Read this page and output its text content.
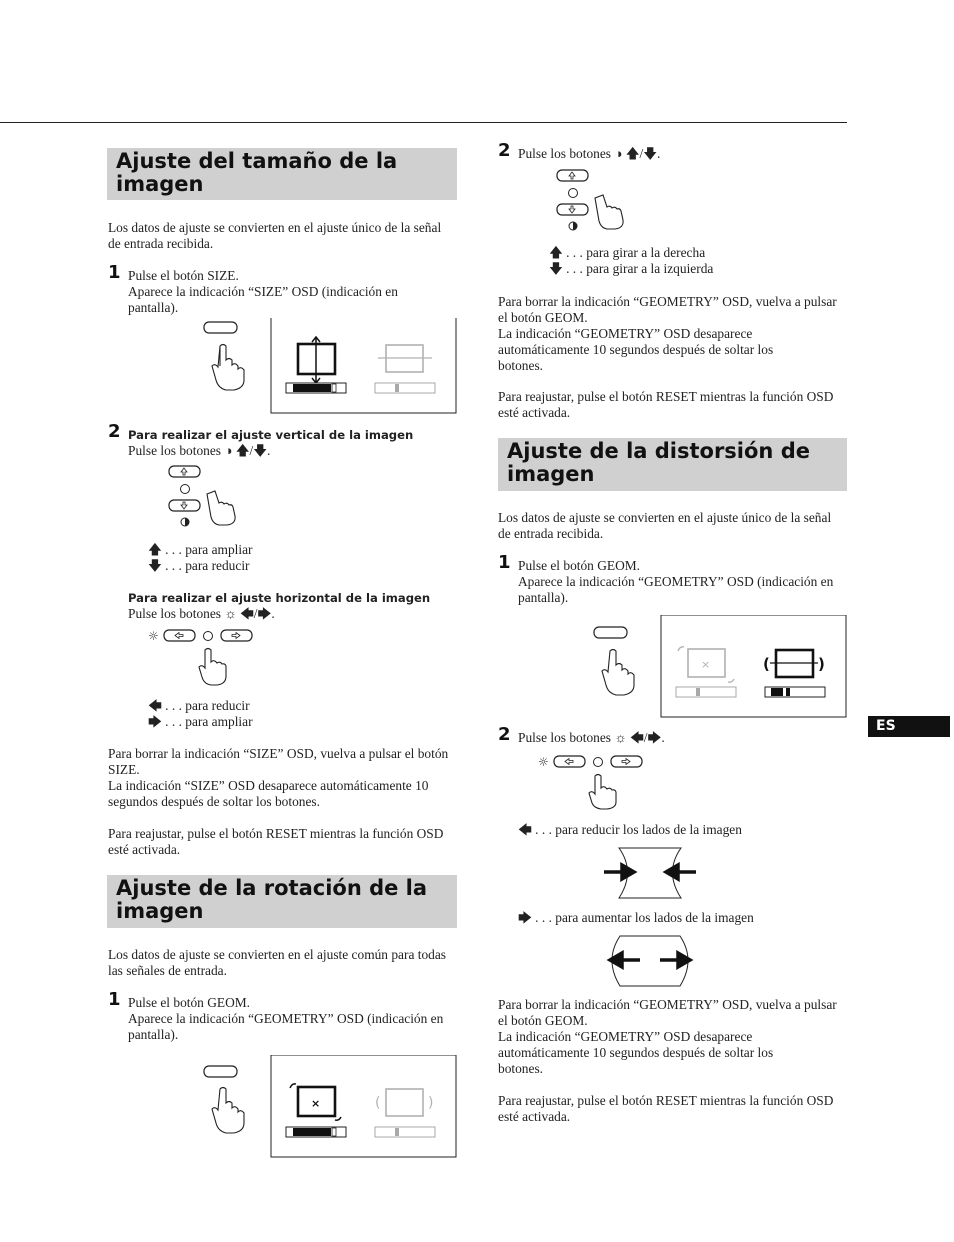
ES
Ajuste del tamaño de la imagen
Los datos de ajuste se convierten en el ajuste único de la señal de entrada recibida.
1 Pulse el botón SIZE.
Aparece la indicación “SIZE” OSD (indicación en pantalla).
2 Para realizar el ajuste vertical de la imagen
Pulse los botones ◑ 🡅/🡇.
🡅 . . . para ampliar
🡇 . . . para reducir
Para realizar el ajuste horizontal de la imagen
Pulse los botones ☼ 🡄/🡆.
☼
🡄 . . . para reducir
🡆 . . . para ampliar
Para borrar la indicación “SIZE” OSD, vuelva a pulsar el botón SIZE.
La indicación “SIZE” OSD desaparece automáticamente 10 segundos después de soltar los botones.
Para reajustar, pulse el botón RESET mientras la función OSD esté activada.
Ajuste de la rotación de la imagen
Los datos de ajuste se convierten en el ajuste común para todas las señales de entrada.
1 Pulse el botón GEOM.
Aparece la indicación “GEOMETRY” OSD (indicación en pantalla).
×	(	)
2 Pulse los botones ◑ 🡅/🡇.
🡅 . . . para girar a la derecha
🡇 . . . para girar a la izquierda
Para borrar la indicación “GEOMETRY” OSD, vuelva a pulsar el botón GEOM.
La indicación “GEOMETRY” OSD desaparece automáticamente 10 segundos después de soltar los botones.
Para reajustar, pulse el botón RESET mientras la función OSD esté activada.
Ajuste de la distorsión de imagen
Los datos de ajuste se convierten en el ajuste único de la señal de entrada recibida.
1 Pulse el botón GEOM.
Aparece la indicación “GEOMETRY” OSD (indicación en pantalla).
×	(	)
2 Pulse los botones ☼ 🡄/🡆.
☼
🡄 . . . para reducir los lados de la imagen
🡆 . . . para aumentar los lados de la imagen
Para borrar la indicación “GEOMETRY” OSD, vuelva a pulsar el botón GEOM.
La indicación “GEOMETRY” OSD desaparece automáticamente 10 segundos después de soltar los botones.
Para reajustar, pulse el botón RESET mientras la función OSD esté activada.
